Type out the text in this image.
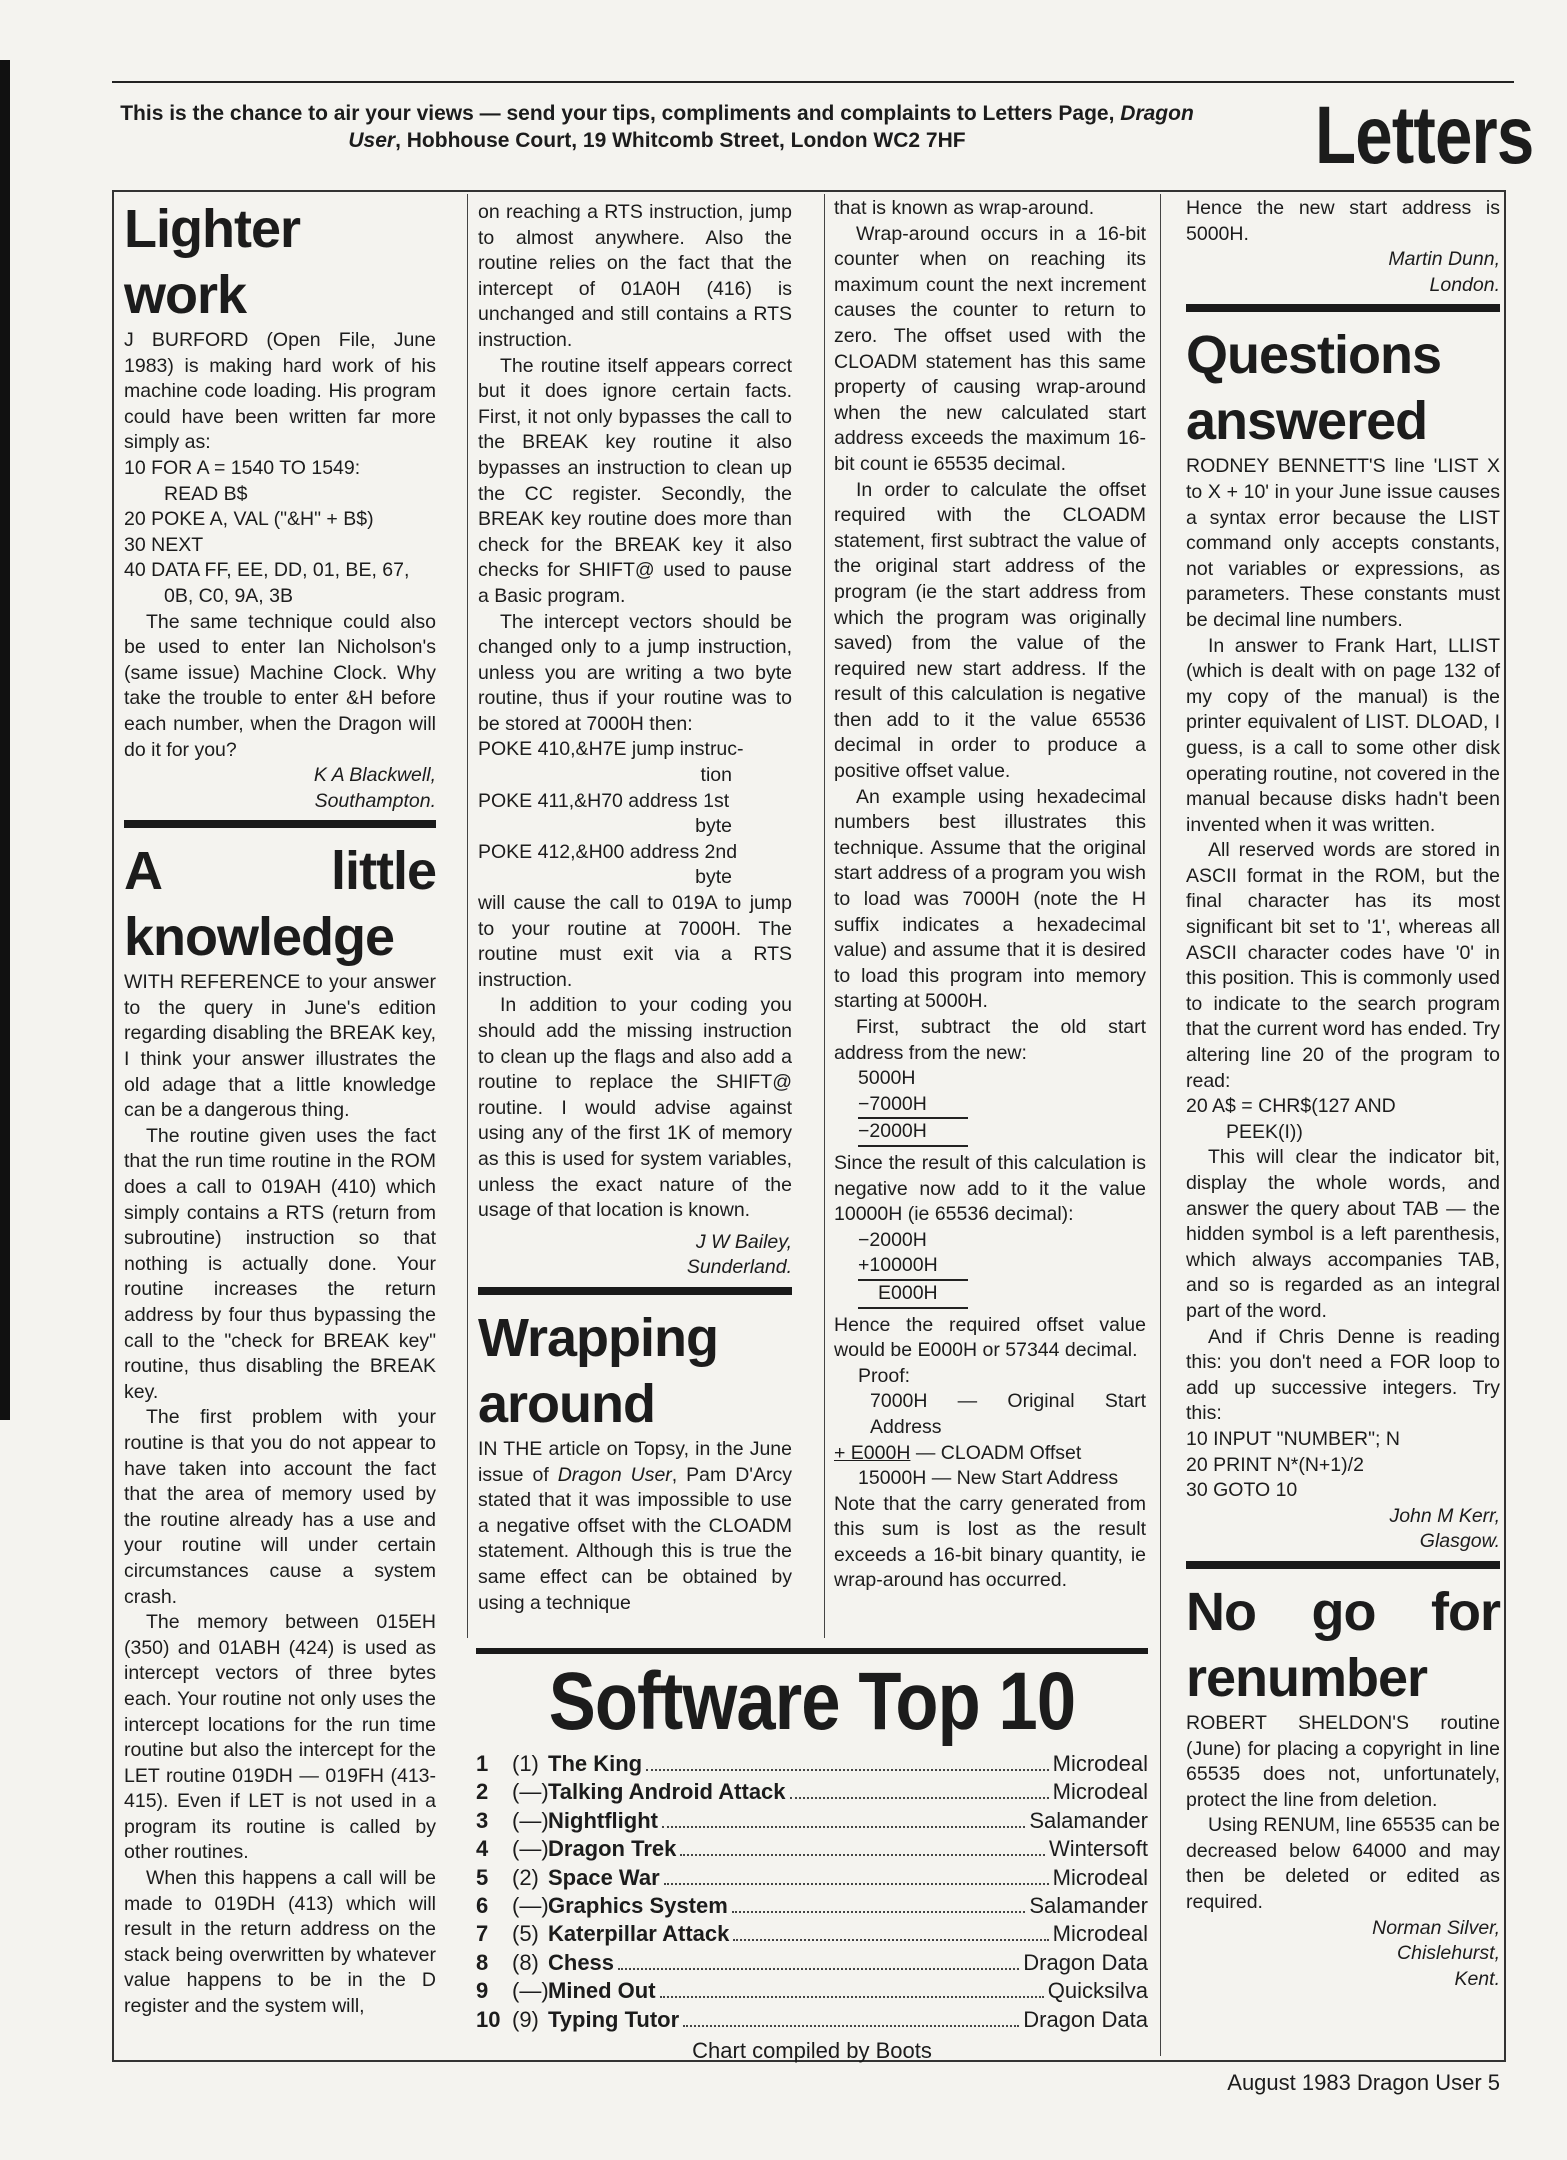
This is the chance to air your views — send your tips, compliments and complaints to Letters Page, Dragon User, Hobhouse Court, 19 Whitcomb Street, London WC2 7HF	Letters
Lighter work

J BURFORD (Open File, June 1983) is making hard work of his machine code loading. His program could have been written far more simply as:

10 FOR A = 1540 TO 1549:
READ B$
20 POKE A, VAL ("&H" + B$)
30 NEXT
40 DATA FF, EE, DD, 01, BE, 67,
0B, C0, 9A, 3B

The same technique could also be used to enter Ian Nicholson's (same issue) Machine Clock. Why take the trouble to enter &H before each number, when the Dragon will do it for you?

K A Blackwell,

Southampton.

A little knowledge

WITH REFERENCE to your answer to the query in June's edition regarding disabling the BREAK key, I think your answer illustrates the old adage that a little knowledge can be a dangerous thing.

The routine given uses the fact that the run time routine in the ROM does a call to 019AH (410) which simply contains a RTS (return from subroutine) instruction so that nothing is actually done. Your routine increases the return address by four thus bypassing the call to the "check for BREAK key" routine, thus disabling the BREAK key.

The first problem with your routine is that you do not appear to have taken into account the fact that the area of memory used by the routine already has a use and your routine will under certain circumstances cause a system crash.

The memory between 015EH (350) and 01ABH (424) is used as intercept vectors of three bytes each. Your routine not only uses the intercept locations for the run time routine but also the intercept for the LET routine 019DH — 019FH (413-415). Even if LET is not used in a program its routine is called by other routines.

When this happens a call will be made to 019DH (413) which will result in the return address on the stack being overwritten by whatever value happens to be in the D register and the system will,

on reaching a RTS instruction, jump to almost anywhere. Also the routine relies on the fact that the intercept of 01A0H (416) is unchanged and still contains a RTS instruction.

The routine itself appears correct but it does ignore certain facts. First, it not only bypasses the call to the BREAK key routine it also bypasses an instruction to clean up the CC register. Secondly, the BREAK key routine does more than check for the BREAK key it also checks for SHIFT@ used to pause a Basic program.

The intercept vectors should be changed only to a jump instruction, unless you are writing a two byte routine, thus if your routine was to be stored at 7000H then:

POKE 410,&H7E jump instruc-
tion
POKE 411,&H70 address 1st
byte
POKE 412,&H00 address 2nd
byte

will cause the call to 019A to jump to your routine at 7000H. The routine must exit via a RTS instruction.

In addition to your coding you should add the missing instruction to clean up the flags and also add a routine to replace the SHIFT@ routine. I would advise against using any of the first 1K of memory as this is used for system variables, unless the exact nature of the usage of that location is known.

J W Bailey,

Sunderland.

Wrapping around

IN THE article on Topsy, in the June issue of Dragon User, Pam D'Arcy stated that it was impossible to use a negative offset with the CLOADM statement. Although this is true the same effect can be obtained by using a technique

that is known as wrap-around.

Wrap-around occurs in a 16-bit counter when on reaching its maximum count the next increment causes the counter to return to zero. The offset used with the CLOADM statement has this same property of causing wrap-around when the new calculated start address exceeds the maximum 16-bit count ie 65535 decimal.

In order to calculate the offset required with the CLOADM statement, first subtract the value of the original start address of the program (ie the start address from which the program was originally saved) from the value of the required new start address. If the result of this calculation is negative then add to it the value 65536 decimal in order to produce a positive offset value.

An example using hexadecimal numbers best illustrates this technique. Assume that the original start address of a program you wish to load was 7000H (note the H suffix indicates a hexadecimal value) and assume that it is desired to load this program into memory starting at 5000H.

First, subtract the old start address from the new:

5000H
−7000H
−2000H

Since the result of this calculation is negative now add to it the value 10000H (ie 65536 decimal):

−2000H
+10000H
E000H

Hence the required offset value would be E000H or 57344 decimal.

Proof:

7000H — Original Start Address

+ E000H — CLOADM Offset

15000H — New Start Address

Note that the carry generated from this sum is lost as the result exceeds a 16-bit binary quantity, ie wrap-around has occurred.

Hence the new start address is 5000H.

Martin Dunn,

London.

Questions answered

RODNEY BENNETT'S line 'LIST X to X + 10' in your June issue causes a syntax error because the LIST command only accepts constants, not variables or expressions, as parameters. These constants must be decimal line numbers.

In answer to Frank Hart, LLIST (which is dealt with on page 132 of my copy of the manual) is the printer equivalent of LIST. DLOAD, I guess, is a call to some other disk operating routine, not covered in the manual because disks hadn't been invented when it was written.

All reserved words are stored in ASCII format in the ROM, but the final character has its most significant bit set to '1', whereas all ASCII character codes have '0' in this position. This is commonly used to indicate to the search program that the current word has ended. Try altering line 20 of the program to read:

20 A$ = CHR$(127 AND
PEEK(I))

This will clear the indicator bit, display the whole words, and answer the query about TAB — the hidden symbol is a left parenthesis, which always accompanies TAB, and so is regarded as an integral part of the word.

And if Chris Denne is reading this: you don't need a FOR loop to add up successive integers. Try this:

10 INPUT "NUMBER"; N
20 PRINT N*(N+1)/2
30 GOTO 10

John M Kerr,

Glasgow.

No go for renumber

ROBERT SHELDON'S routine (June) for placing a copyright in line 65535 does not, unfortunately, protect the line from deletion.

Using RENUM, line 65535 can be decreased below 64000 and may then be deleted or edited as required.

Norman Silver,

Chislehurst,

Kent.

Software Top 10
1	(1) The King	Microdeal
2	(—) Talking Android Attack	Microdeal
3	(—) Nightflight	Salamander
4	(—) Dragon Trek	Wintersoft
5	(2) Space War	Microdeal
6	(—) Graphics System	Salamander
7	(5) Katerpillar Attack	Microdeal
8	(8) Chess	Dragon Data
9	(—) Mined Out	Quicksilva
10 (9) Typing Tutor	Dragon Data
Chart compiled by Boots
August 1983 Dragon User 5
